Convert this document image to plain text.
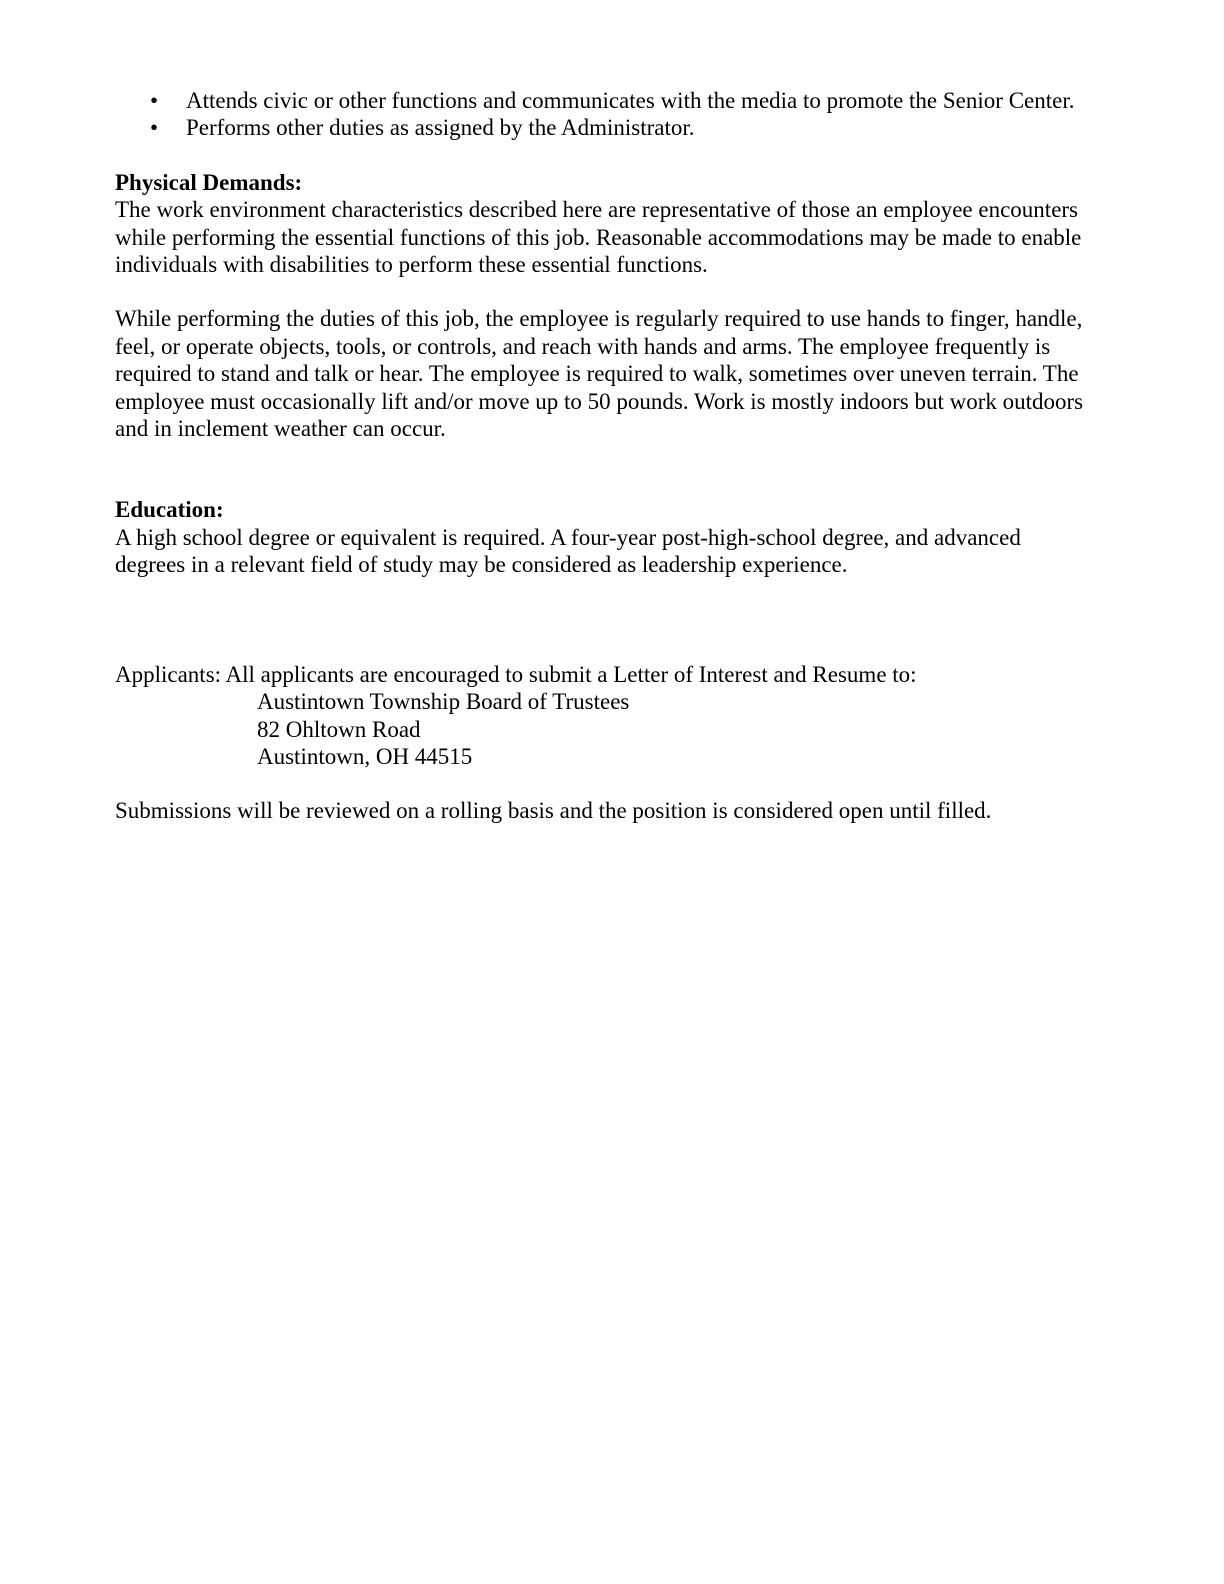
• Attends civic or other functions and communicates with the media to promote the Senior Center.
• Performs other duties as assigned by the Administrator.
Physical Demands:

The work environment characteristics described here are representative of those an employee encounters
while performing the essential functions of this job. Reasonable accommodations may be made to enable
individuals with disabilities to perform these essential functions.

While performing the duties of this job, the employee is regularly required to use hands to finger, handle,
feel, or operate objects, tools, or controls, and reach with hands and arms. The employee frequently is
required to stand and talk or hear. The employee is required to walk, sometimes over uneven terrain. The
employee must occasionally lift and/or move up to 50 pounds. Work is mostly indoors but work outdoors
and in inclement weather can occur.

Education:

A high school degree or equivalent is required. A four-year post-high-school degree, and advanced
degrees in a relevant field of study may be considered as leadership experience.

Applicants: All applicants are encouraged to submit a Letter of Interest and Resume to:
Austintown Township Board of Trustees
82 Ohltown Road
Austintown, OH 44515

Submissions will be reviewed on a rolling basis and the position is considered open until filled.
